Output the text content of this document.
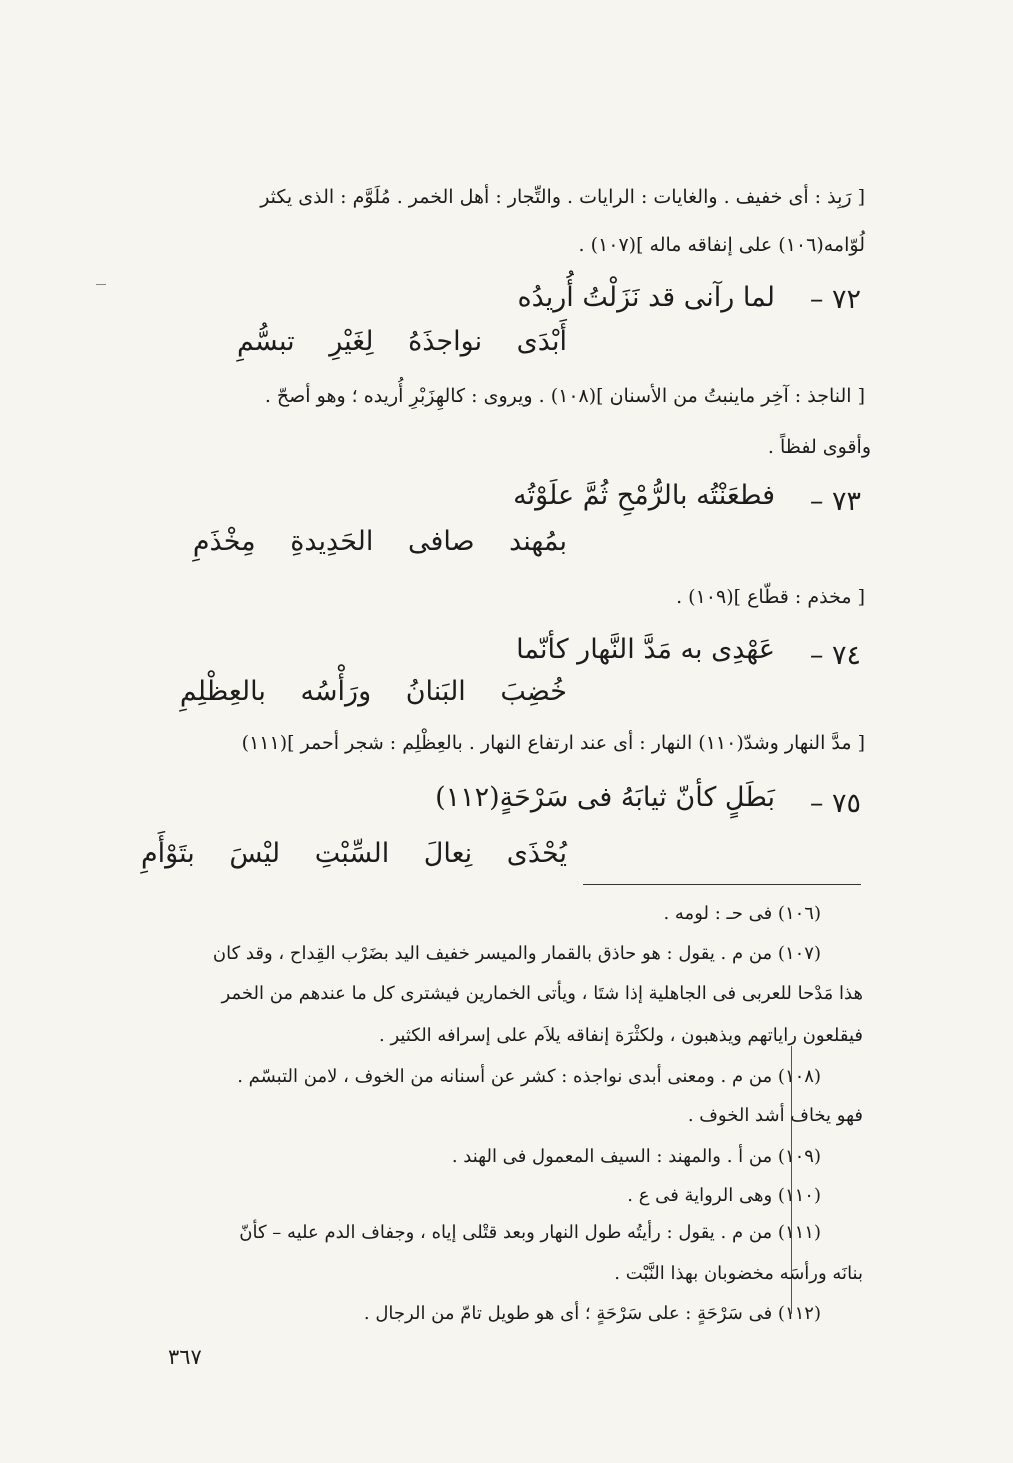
[ رَبِذ : أى خفيف . والغايات : الرايات . والتِّجار : أهل الخمر . مُلَوَّم : الذى يكثر
لُوّامه(١٠٦) على إنفاقه ماله ](١٠٧) .
٧٢ –
لما رآنى قد نَزَلْتُ أُريدُه
أَبْدَى نواجذَهُ لِغَيْرِ تبسُّمِ
[ الناجذ : آخِر ماينبتُ من الأسنان ](١٠٨) . ويروى : كالهِزَبْرِ أُريده ؛ وهو أصحّ .
وأقوى لفظاً .
٧٣ –
فطعَنْتُه بالرُّمْحِ ثُمَّ علَوْتُه
بمُهند صافى الحَدِيدةِ مِخْذَمِ
[ مخذم : قطّاع ](١٠٩) .
٧٤ –
عَهْدِى به مَدَّ النَّهار كأنّما
خُضِبَ البَنانُ ورَأْسُه بالعِظْلِمِ
[ مدَّ النهار وشدّ(١١٠) النهار : أى عند ارتفاع النهار . بالعِظْلِم : شجر أحمر ](١١١)
٧٥ –
بَطَلٍ كأنّ ثيابَهُ فى سَرْحَةٍ(١١٢)
يُحْذَى نِعالَ السِّبْتِ ليْسَ بتَوْأَمِ
(١٠٦) فى حـ : لومه .
(١٠٧) من م . يقول : هو حاذق بالقمار والميسر خفيف اليد بضَرْب القِداح ، وقد كان
هذا مَدْحا للعربى فى الجاهلية إذا شتَا ، ويأتى الخمارين فيشترى كل ما عندهم من الخمر
فيقلعون راياتهم ويذهبون ، ولكثْرَة إنفاقه يلاَم على إسرافه الكثير .
(١٠٨) من م . ومعنى أبدى نواجذه : كشر عن أسنانه من الخوف ، لامن التبسّم .
فهو يخاف أشد الخوف .
(١٠٩) من أ . والمهند : السيف المعمول فى الهند .
(١١٠) وهى الرواية فى ع .
(١١١) من م . يقول : رأيتُه طول النهار وبعد قتْلى إياه ، وجفاف الدم عليه – كأنّ
بنانَه ورأسَه مخضوبان بهذا النَّبْت .
(١١٢) فى سَرْحَةٍ : على سَرْحَةٍ ؛ أى هو طويل تامّ من الرجال .
٣٦٧
